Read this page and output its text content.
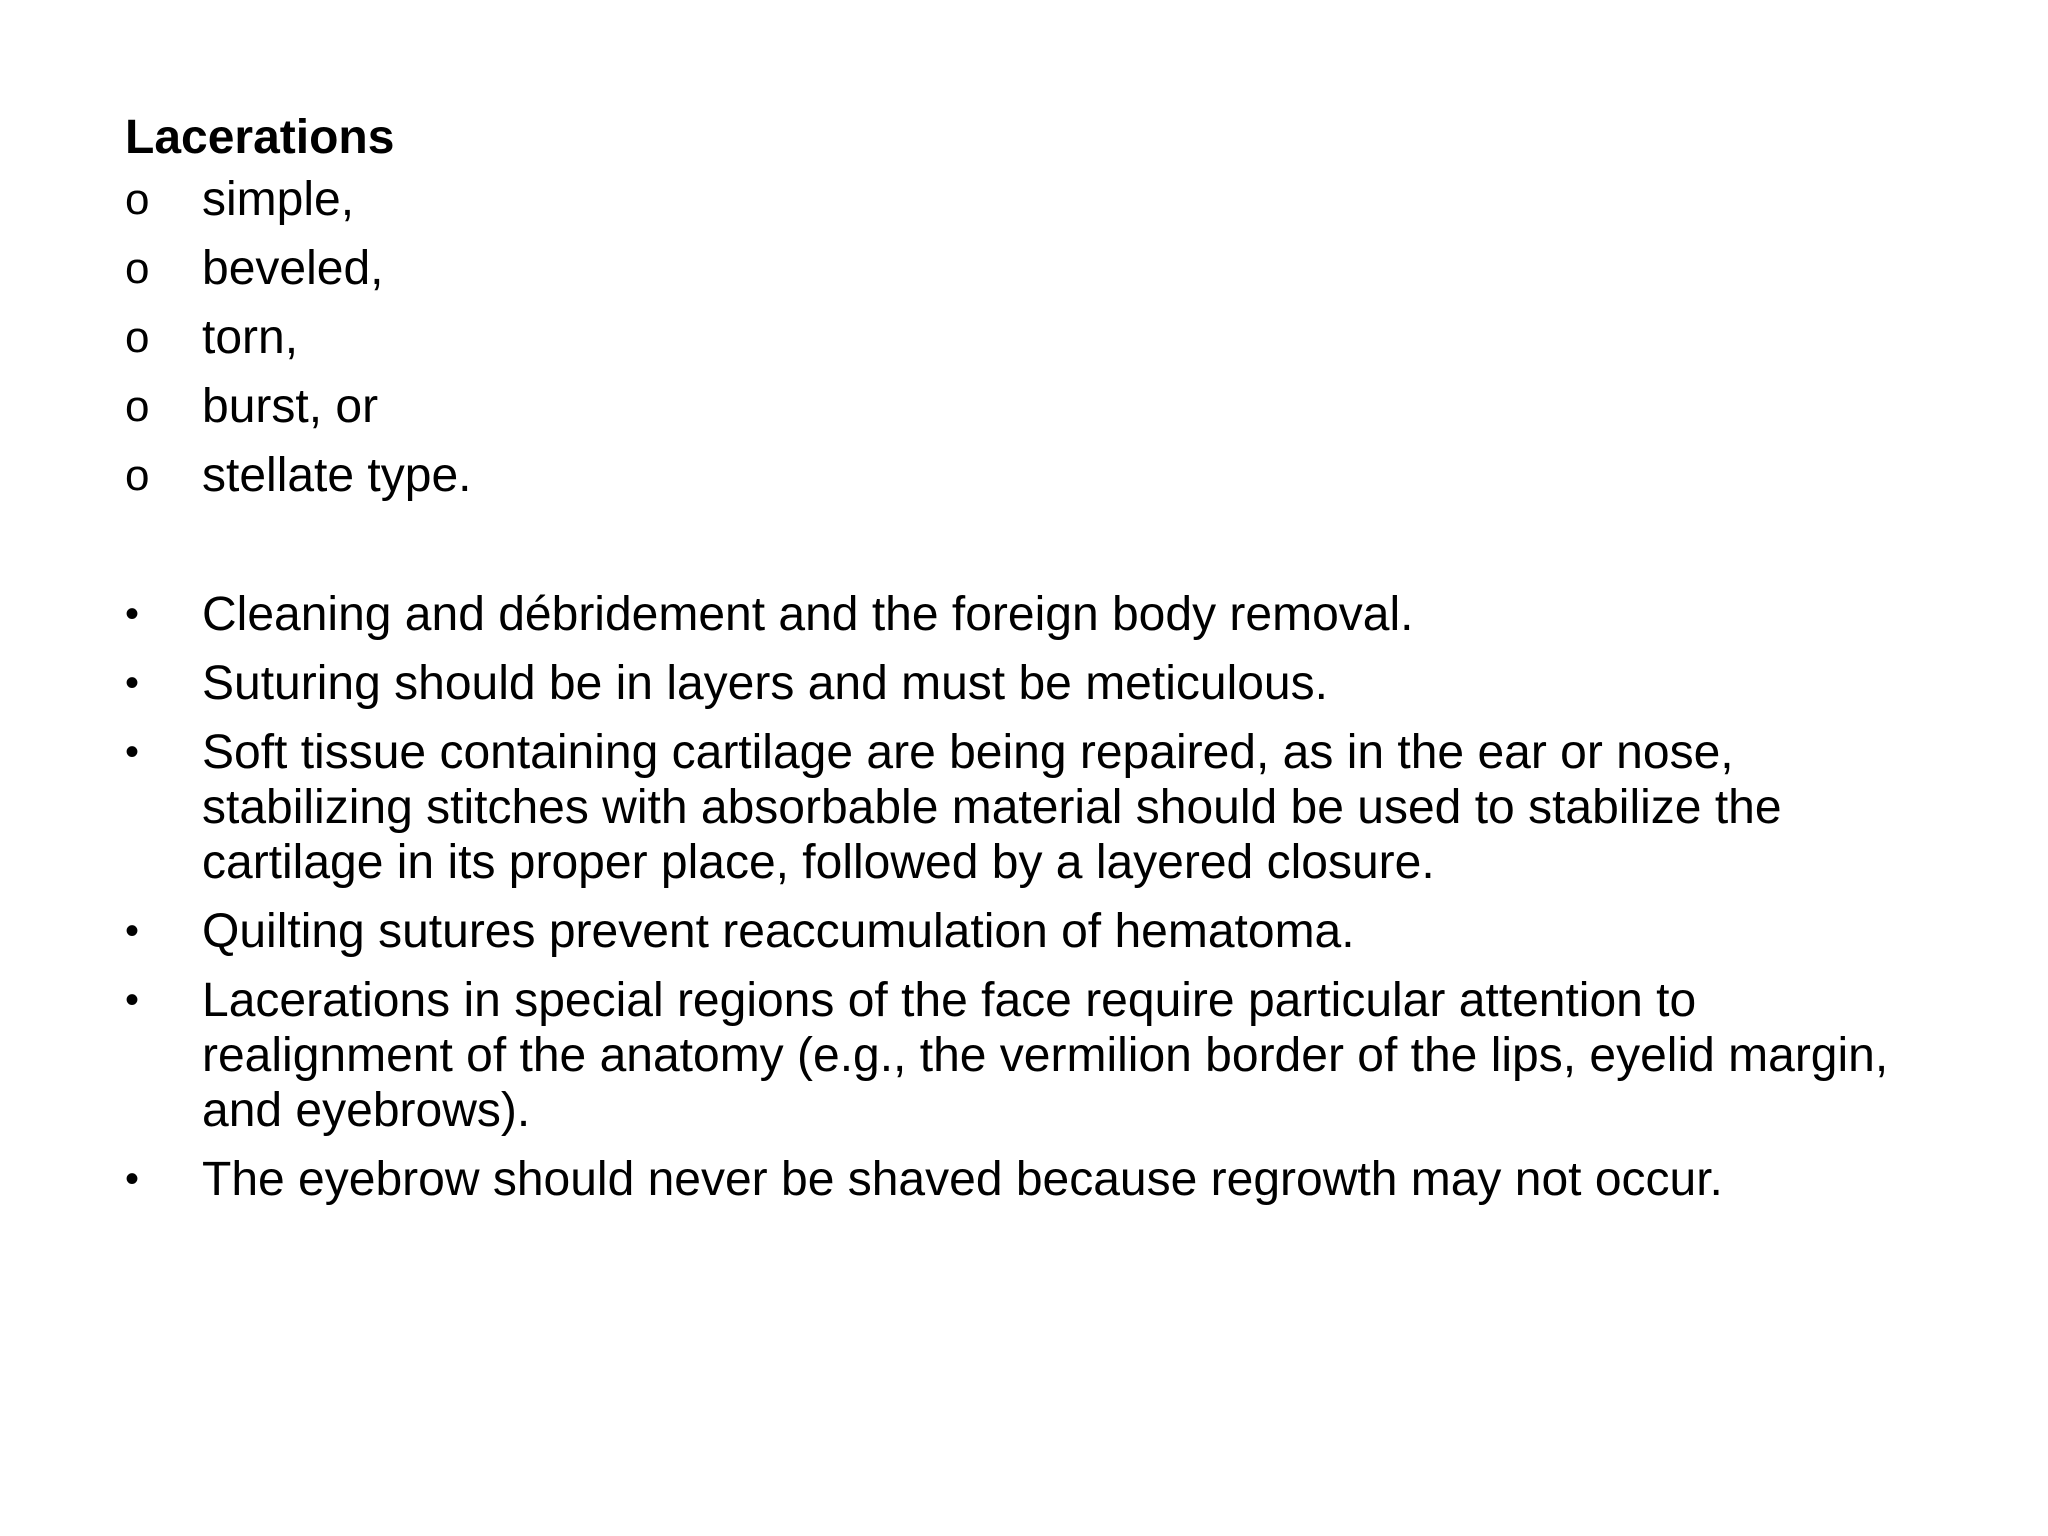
Lacerations
o	simple,
o	beveled,
o	torn,
o	burst, or
o	stellate type.
•	Cleaning and débridement and the foreign body removal.
•	Suturing should be in layers and must be meticulous.
•	Soft tissue containing cartilage are being repaired, as in the ear or nose, stabilizing stitches with absorbable material should be used to stabilize the cartilage in its proper place, followed by a layered closure.
•	Quilting sutures prevent reaccumulation of hematoma.
•	Lacerations in special regions of the face require particular attention to realignment of the anatomy (e.g., the vermilion border of the lips, eyelid margin, and eyebrows).
•	The eyebrow should never be shaved because regrowth may not occur.
